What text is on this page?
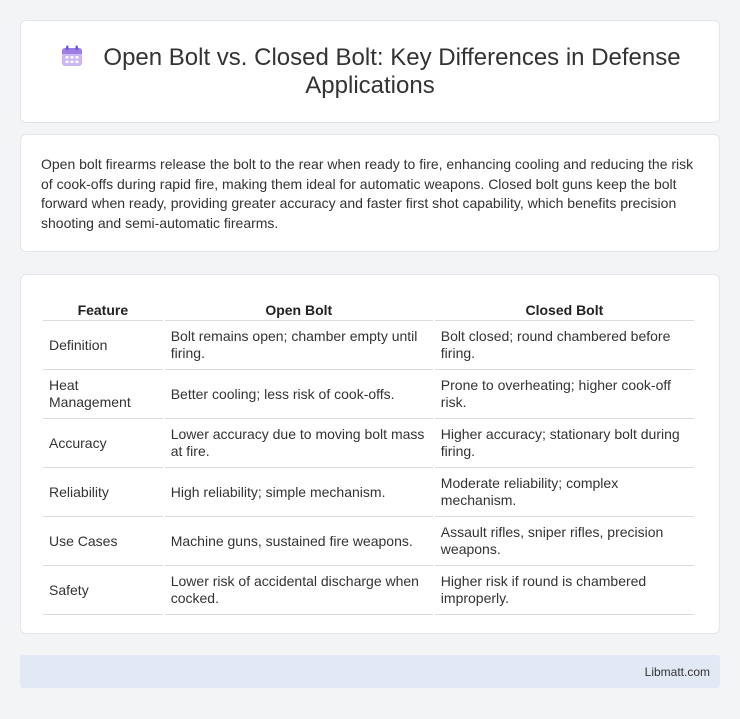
Open Bolt vs. Closed Bolt: Key Differences in Defense Applications

Open bolt firearms release the bolt to the rear when ready to fire, enhancing cooling and reducing the risk of cook-offs during rapid fire, making them ideal for automatic weapons. Closed bolt guns keep the bolt forward when ready, providing greater accuracy and faster first shot capability, which benefits precision shooting and semi-automatic firearms.

Feature	Open Bolt	Closed Bolt
Definition	Bolt remains open; chamber empty until firing.	Bolt closed; round chambered before firing.
Heat Management	Better cooling; less risk of cook-offs.	Prone to overheating; higher cook-off risk.
Accuracy	Lower accuracy due to moving bolt mass at fire.	Higher accuracy; stationary bolt during firing.
Reliability	High reliability; simple mechanism.	Moderate reliability; complex mechanism.
Use Cases	Machine guns, sustained fire weapons.	Assault rifles, sniper rifles, precision weapons.
Safety	Lower risk of accidental discharge when cocked.	Higher risk if round is chambered improperly.
Libmatt.com
